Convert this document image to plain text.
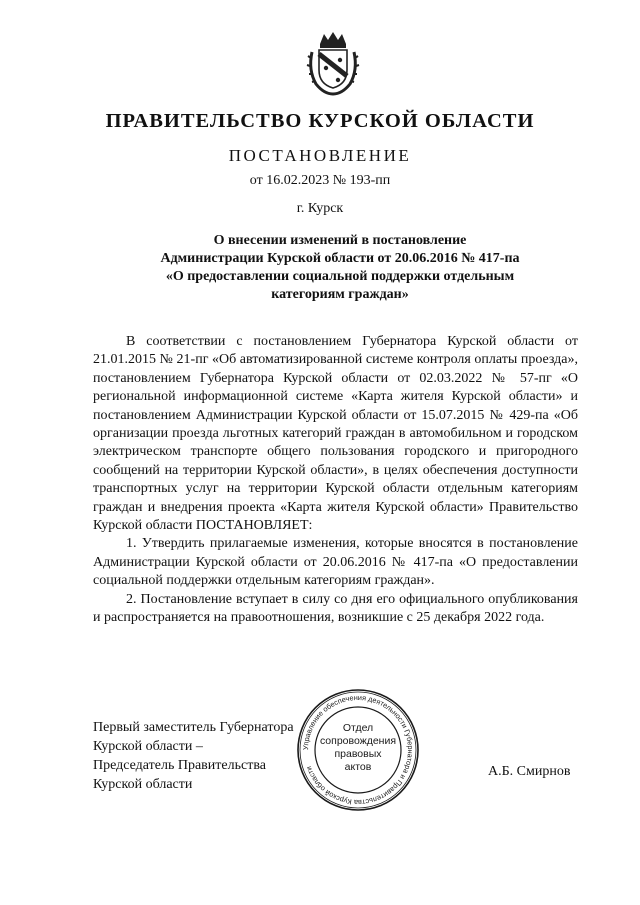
ПРАВИТЕЛЬСТВО КУРСКОЙ ОБЛАСТИ
ПОСТАНОВЛЕНИЕ
от 16.02.2023 № 193-пп
г. Курск
О внесении изменений в постановление
Администрации Курской области от 20.06.2016 № 417-па
«О предоставлении социальной поддержки отдельным
категориям граждан»

В соответствии с постановлением Губернатора Курской области от 21.01.2015 № 21-пг «Об автоматизированной системе контроля оплаты проезда», постановлением Губернатора Курской области от 02.03.2022 № 57-пг «О региональной информационной системе «Карта жителя Курской области» и постановлением Администрации Курской области от 15.07.2015 № 429-па «Об организации проезда льготных категорий граждан в автомобильном и городском электрическом транспорте общего пользования городского и пригородного сообщений на территории Курской области», в целях обеспечения доступности транспортных услуг на территории Курской области отдельным категориям граждан и внедрения проекта «Карта жителя Курской области» Правительство Курской области ПОСТАНОВЛЯЕТ:

1. Утвердить прилагаемые изменения, которые вносятся в постановление Администрации Курской области от 20.06.2016 № 417-па «О предоставлении социальной поддержки отдельным категориям граждан».

2. Постановление вступает в силу со дня его официального опубликования и распространяется на правоотношения, возникшие с 25 декабря 2022 года.

Первый заместитель Губернатора
Курской области –
Председатель Правительства
Курской области
Управление обеспечения деятельности Губернатора и Правительства Курской области
Отдел
сопровождения
правовых
актов	А.Б. Смирнов
